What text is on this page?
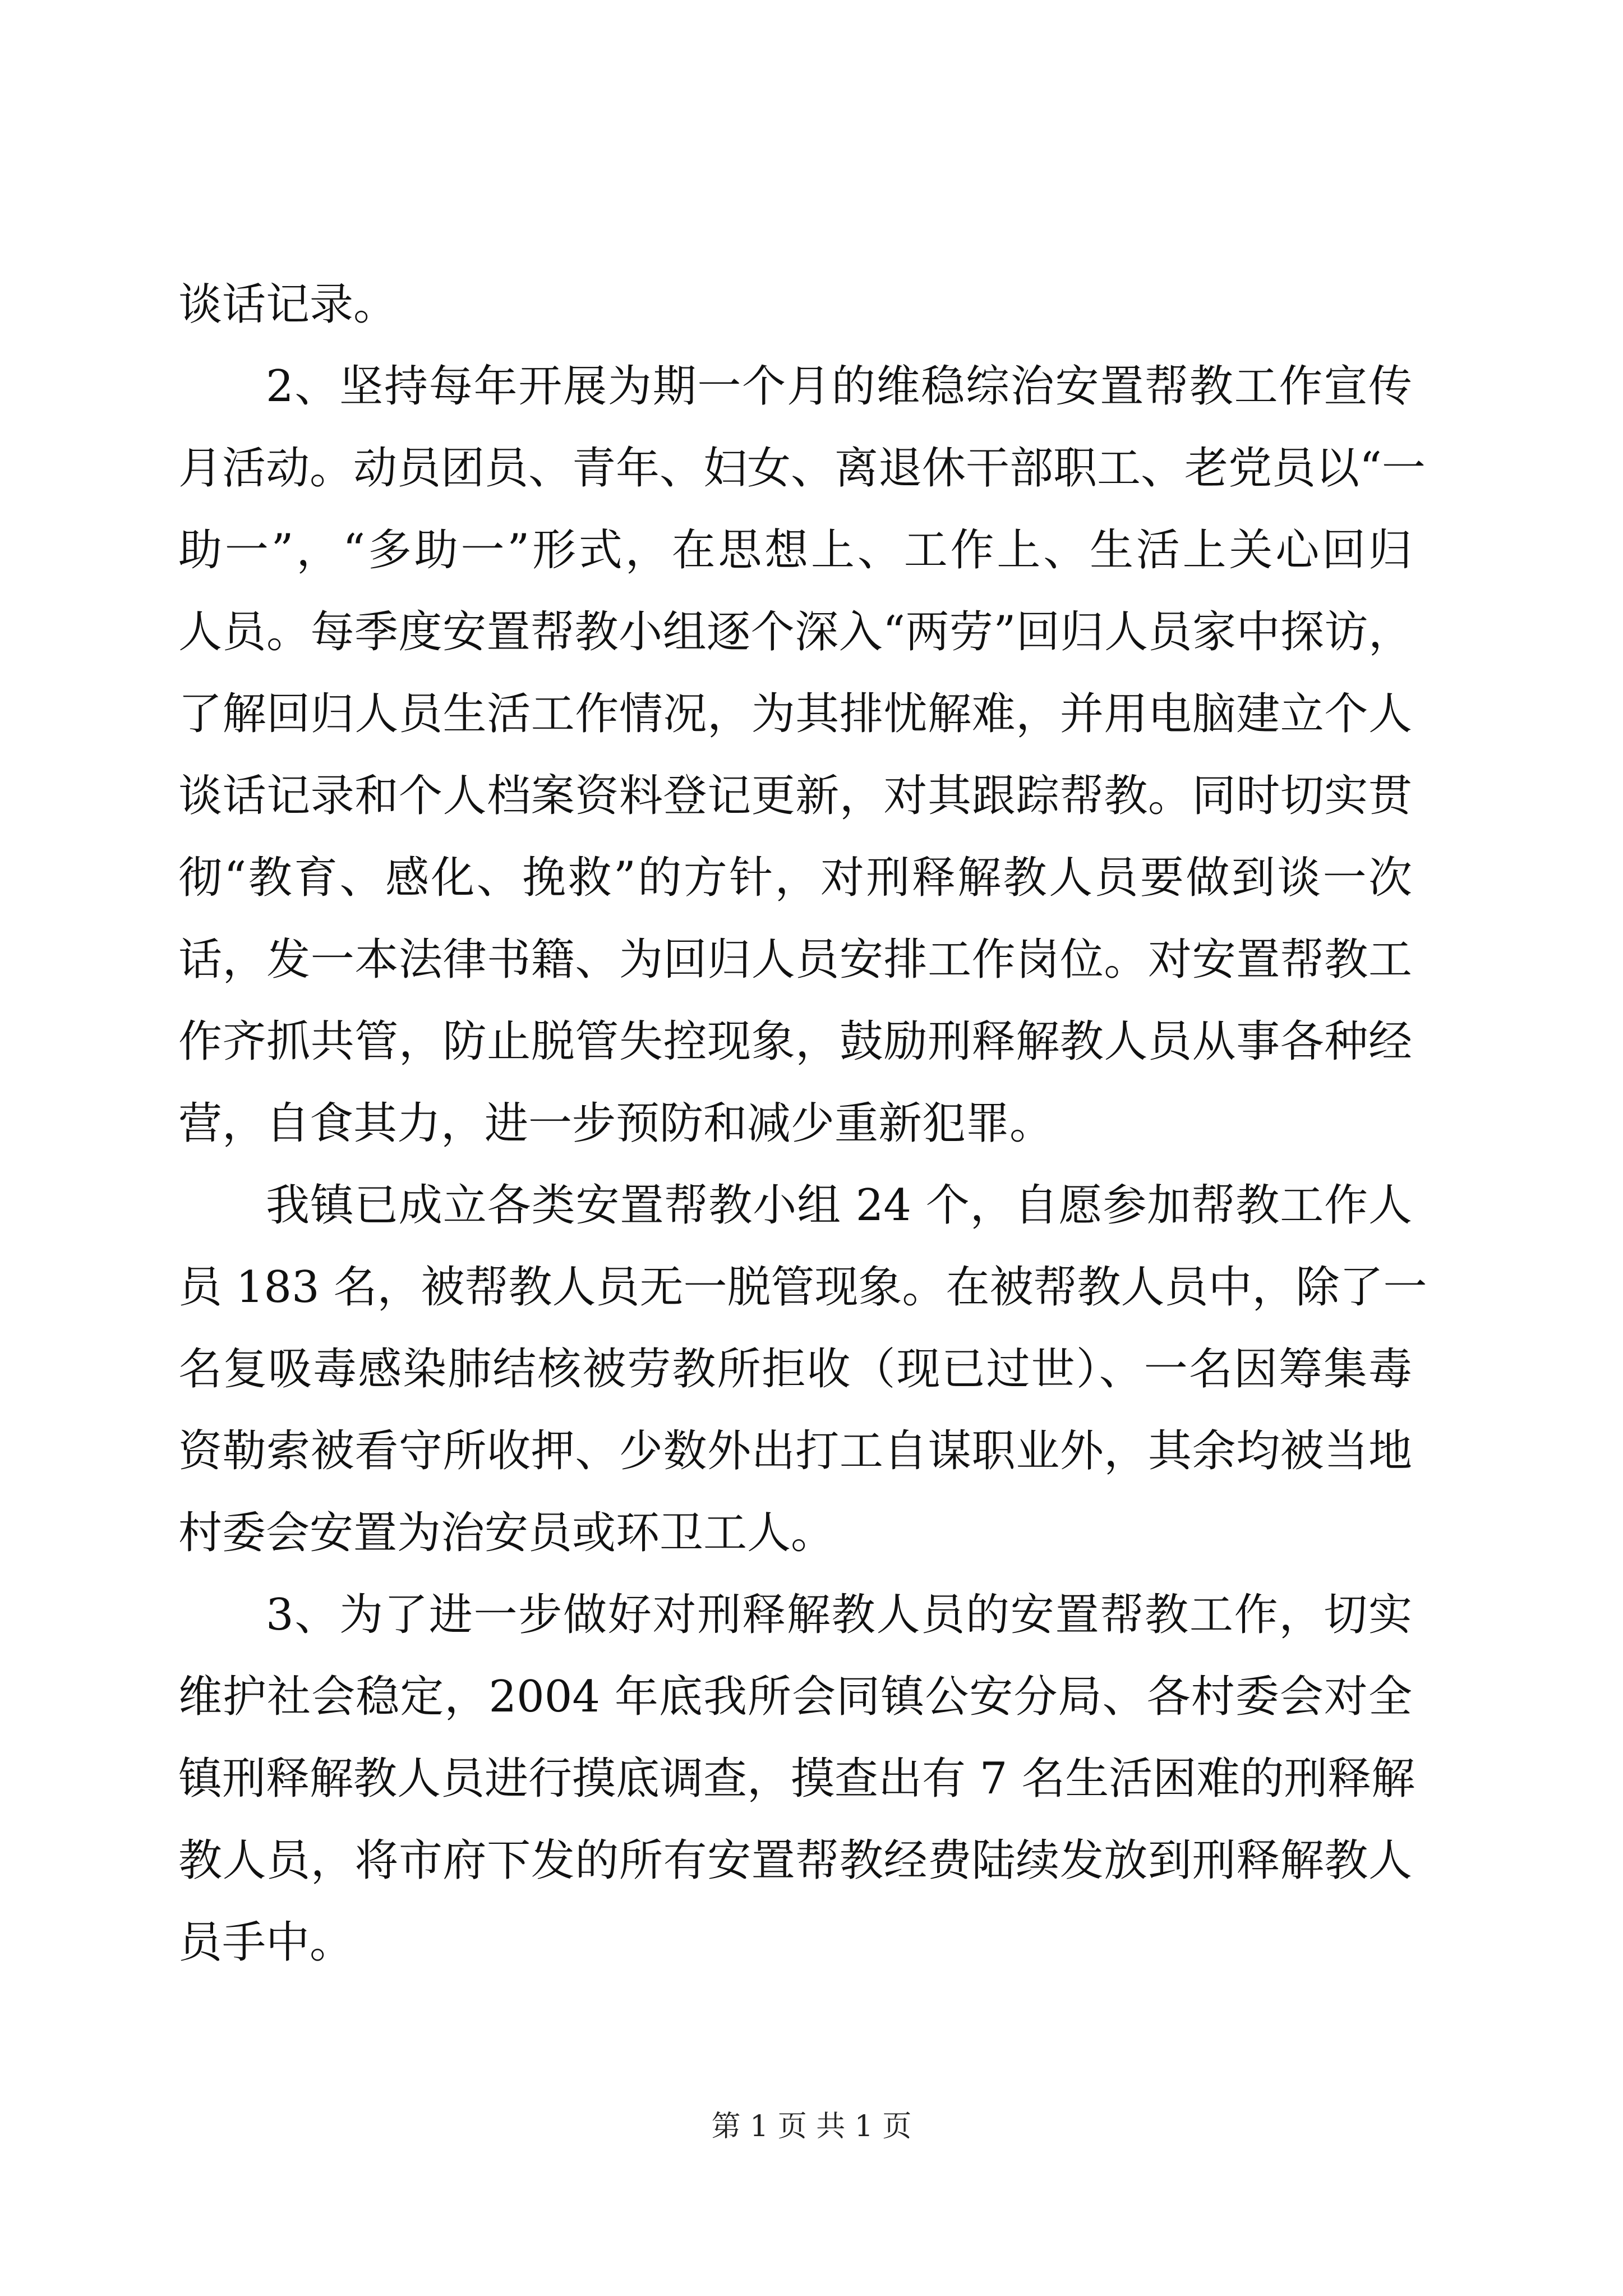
谈话记录。
2、坚持每年开展为期一个月的维稳综治安置帮教工作宣传
月活动。动员团员、青年、妇女、离退休干部职工、老党员以“一
助一”，“多助一”形式，在思想上、工作上、生活上关心回归
人员。每季度安置帮教小组逐个深入“两劳”回归人员家中探访，
了解回归人员生活工作情况，为其排忧解难，并用电脑建立个人
谈话记录和个人档案资料登记更新，对其跟踪帮教。同时切实贯
彻“教育、感化、挽救”的方针，对刑释解教人员要做到谈一次
话，发一本法律书籍、为回归人员安排工作岗位。对安置帮教工
作齐抓共管，防止脱管失控现象，鼓励刑释解教人员从事各种经
营，自食其力，进一步预防和减少重新犯罪。
我镇已成立各类安置帮教小组 24 个，自愿参加帮教工作人
员 183 名，被帮教人员无一脱管现象。在被帮教人员中，除了一
名复吸毒感染肺结核被劳教所拒收（现已过世）、一名因筹集毒
资勒索被看守所收押、少数外出打工自谋职业外，其余均被当地
村委会安置为治安员或环卫工人。
3、为了进一步做好对刑释解教人员的安置帮教工作，切实
维护社会稳定，2004 年底我所会同镇公安分局、各村委会对全
镇刑释解教人员进行摸底调查，摸查出有 7 名生活困难的刑释解
教人员，将市府下发的所有安置帮教经费陆续发放到刑释解教人
员手中。
第 1 页 共 1 页
